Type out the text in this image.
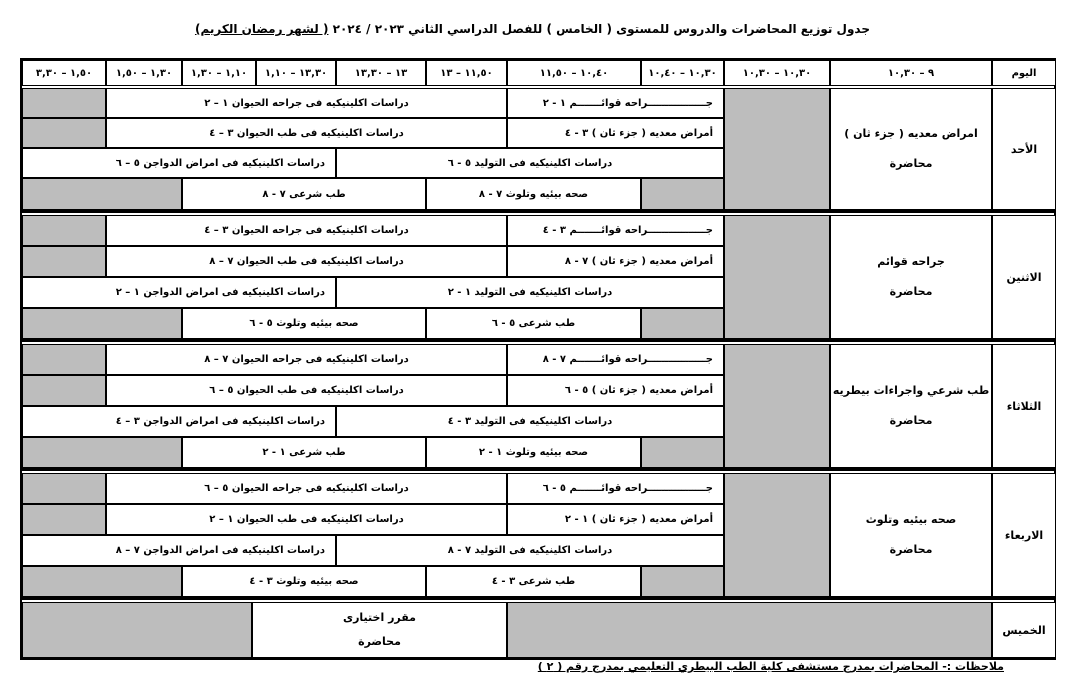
جدول توزيع المحاضرات والدروس للمستوى ( الخامس ) للفصل الدراسي الثاني ٢٠٢٣ / ٢٠٢٤ ( لشهر رمضان الكريم)
اليوم
٩ – ١٠,٣٠
١٠,٣٠ – ١٠,٣٠
١٠,٣٠ – ١٠,٤٠
١٠,٤٠ – ١١,٥٠
١١,٥٠ – ١٣
١٣ – ١٣,٣٠
١٣,٣٠ – ١,١٠
١,١٠ – ١,٣٠
١,٣٠ – ١,٥٠
١,٥٠ – ٣,٣٠
الأحد
امراض معديه ( جزء ثان )
محاضرة
جـــــــــــــــــراحه قوائـــــــم ١ - ٢
دراسات اكلينيكيه فى جراحه الحيوان ١ – ٢
أمراض معديه ( جزء ثان ) ٣ - ٤
دراسات اكلينيكيه فى طب الحيوان ٣ – ٤
دراسات اكلينيكيه فى التوليد ٥ - ٦
دراسات اكلينيكيه فى امراض الدواجن ٥ – ٦
صحه بيئيه وتلوث ٧ - ٨
طب شرعى ٧ - ٨
الاثنين
جراحه قوائم
محاضرة
جـــــــــــــــــراحه قوائـــــــم ٣ - ٤
دراسات اكلينيكيه فى جراحه الحيوان ٣ – ٤
أمراض معديه ( جزء ثان ) ٧ - ٨
دراسات اكلينيكيه فى طب الحيوان ٧ – ٨
دراسات اكلينيكيه فى التوليد ١ - ٢
دراسات اكلينيكيه فى امراض الدواجن ١ – ٢
طب شرعى ٥ - ٦
صحه بيئيه وتلوث ٥ - ٦
الثلاثاء
طب شرعي واجراءات بيطريه
محاضرة
جـــــــــــــــــراحه قوائـــــــم ٧ - ٨
دراسات اكلينيكيه فى جراحه الحيوان ٧ – ٨
أمراض معديه ( جزء ثان ) ٥ - ٦
دراسات اكلينيكيه فى طب الحيوان ٥ – ٦
دراسات اكلينيكيه فى التوليد ٣ - ٤
دراسات اكلينيكيه فى امراض الدواجن ٣ – ٤
صحه بيئيه وتلوث ١ - ٢
طب شرعى ١ - ٢
الاربعاء
صحه بيئيه وتلوث
محاضرة
جـــــــــــــــــراحه قوائـــــــم ٥ - ٦
دراسات اكلينيكيه فى جراحه الحيوان ٥ – ٦
أمراض معديه ( جزء ثان ) ١ - ٢
دراسات اكلينيكيه فى طب الحيوان ١ – ٢
دراسات اكلينيكيه فى التوليد ٧ - ٨
دراسات اكلينيكيه فى امراض الدواجن ٧ – ٨
طب شرعى ٣ - ٤
صحه بيئيه وتلوث ٣ - ٤
الخميس
مقرر اختيارى
محاضرة
ملاحظات :- المحاضرات بمدرج مستشفى كلية الطب البيطري التعليمي بمدرج رقم ( ٢ )
